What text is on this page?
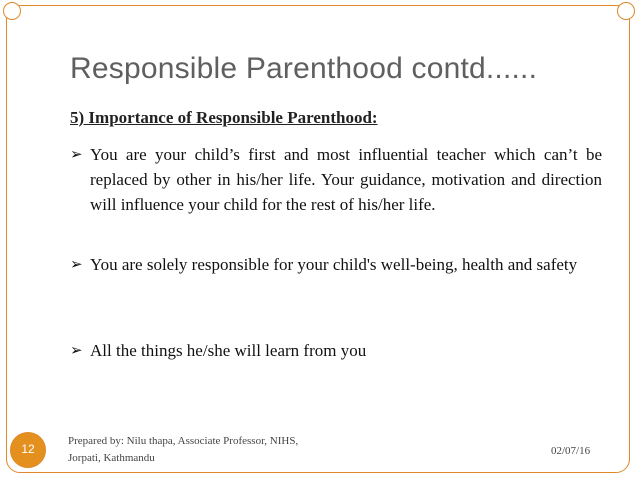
Responsible Parenthood contd......
5) Importance of Responsible Parenthood:
➢ You are your child’s first and most influential teacher which can’t be replaced by other in his/her life. Your guidance, motivation and direction will influence your child for the rest of his/her life.
➢ You are solely responsible for your child's well-being, health and safety
➢ All the things he/she will learn from you
12
Prepared by: Nilu thapa, Associate Professor, NIHS, Jorpati, Kathmandu
02/07/16
